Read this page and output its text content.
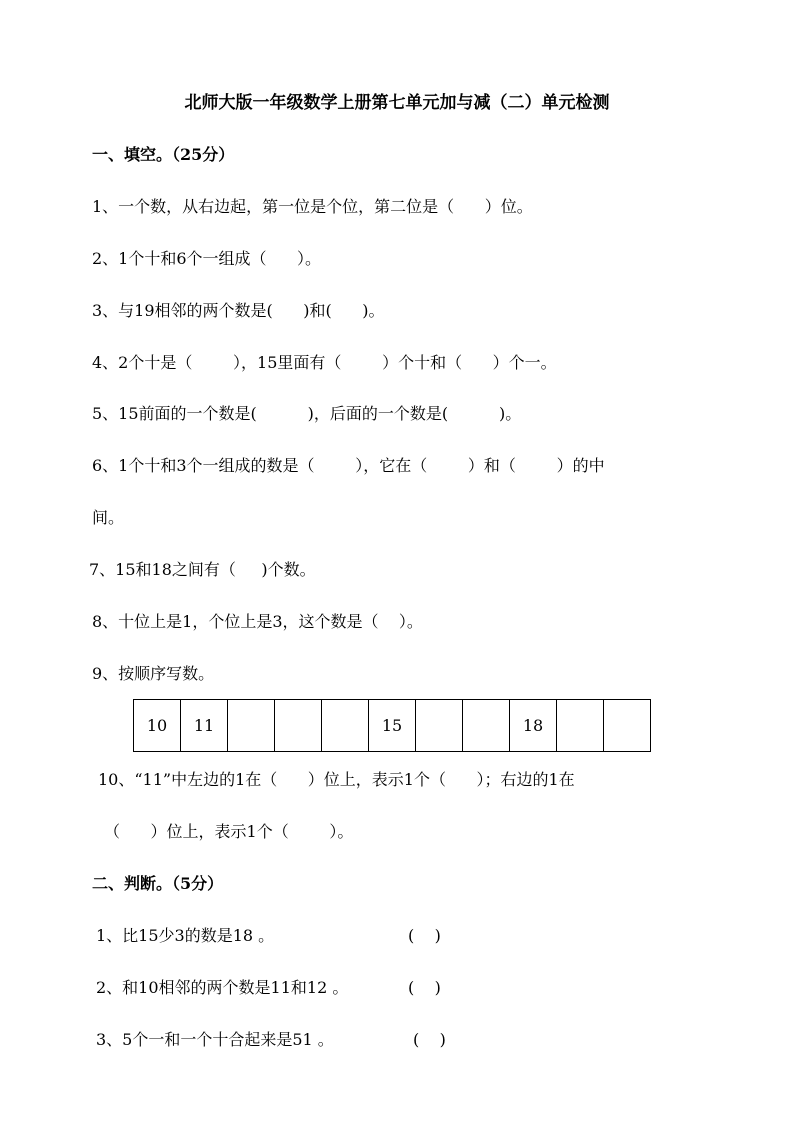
北师大版一年级数学上册第七单元加与减（二）单元检测
一、填空。（25分）
1、一个数，从右边起，第一位是个位，第二位是（      ）位。
2、1个十和6个一组成（      ）。
3、与19相邻的两个数是(      )和(      )。
4、2个十是（        ），15里面有（        ）个十和（      ）个一。
5、15前面的一个数是(          )，后面的一个数是(          )。
6、1个十和3个一组成的数是（        ），它在（        ）和（        ）的中
间。
7、15和18之间有（     )个数。
8、十位上是1，个位上是3，这个数是（    ）。
9、按顺序写数。
10	11				15			18		
10、“11”中左边的1在（      ）位上，表示1个（      ）；右边的1在
（      ）位上，表示1个（        ）。
二、判断。（5分）
1、比15少3的数是18 。	(    )
2、和10相邻的两个数是11和12 。	(    )
3、5个一和一个十合起来是51 。	(    )
